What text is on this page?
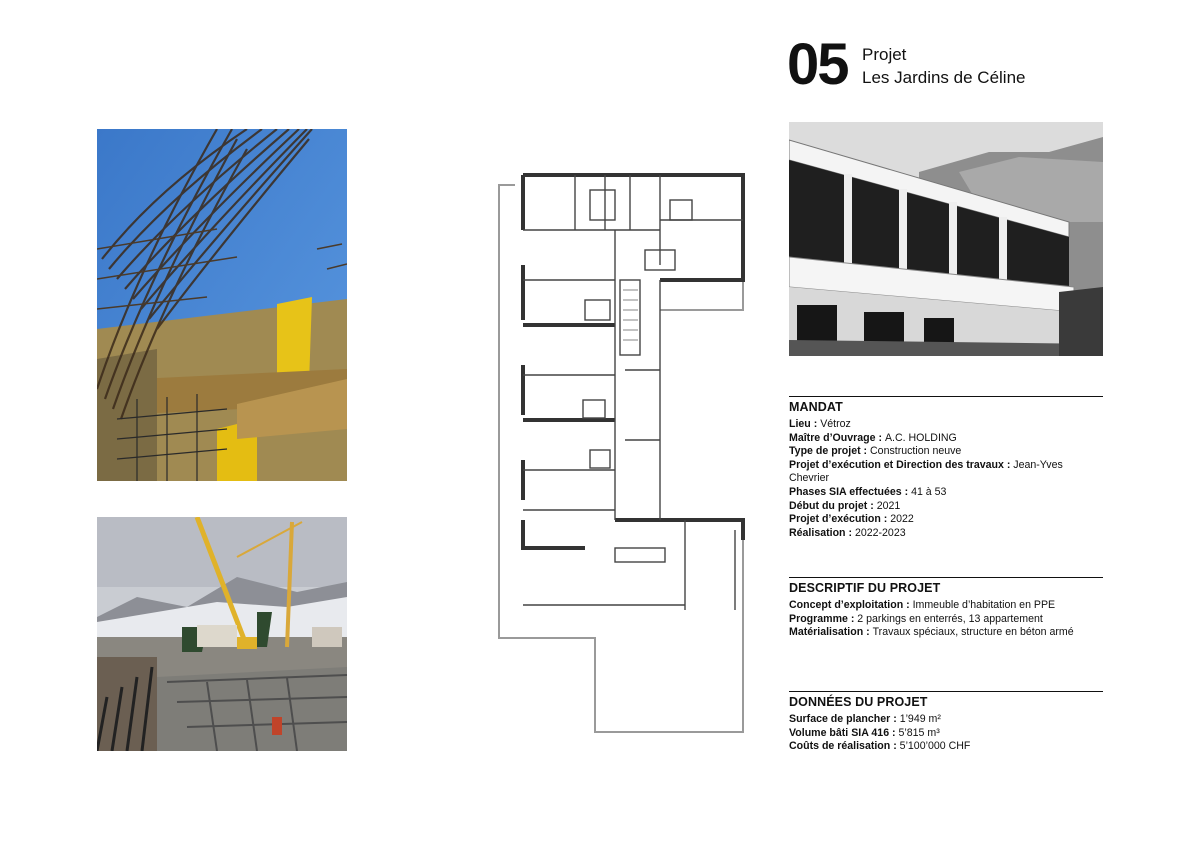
05 Projet
Les Jardins de Céline
MANDAT
Lieu : Vétroz
Maître d’Ouvrage : A.C. HOLDING
Type de projet : Construction neuve
Projet d’exécution et Direction des travaux : Jean-Yves Chevrier
Phases SIA effectuées : 41 à 53
Début du projet : 2021
Projet d’exécution : 2022
Réalisation : 2022-2023
DESCRIPTIF DU PROJET
Concept d’exploitation : Immeuble d’habitation en PPE
Programme : 2 parkings en enterrés, 13 appartement
Matérialisation : Travaux spéciaux, structure en béton armé
DONNÉES DU PROJET
Surface de plancher : 1’949 m²
Volume bâti SIA 416 : 5’815 m³
Coûts de réalisation : 5’100’000 CHF
